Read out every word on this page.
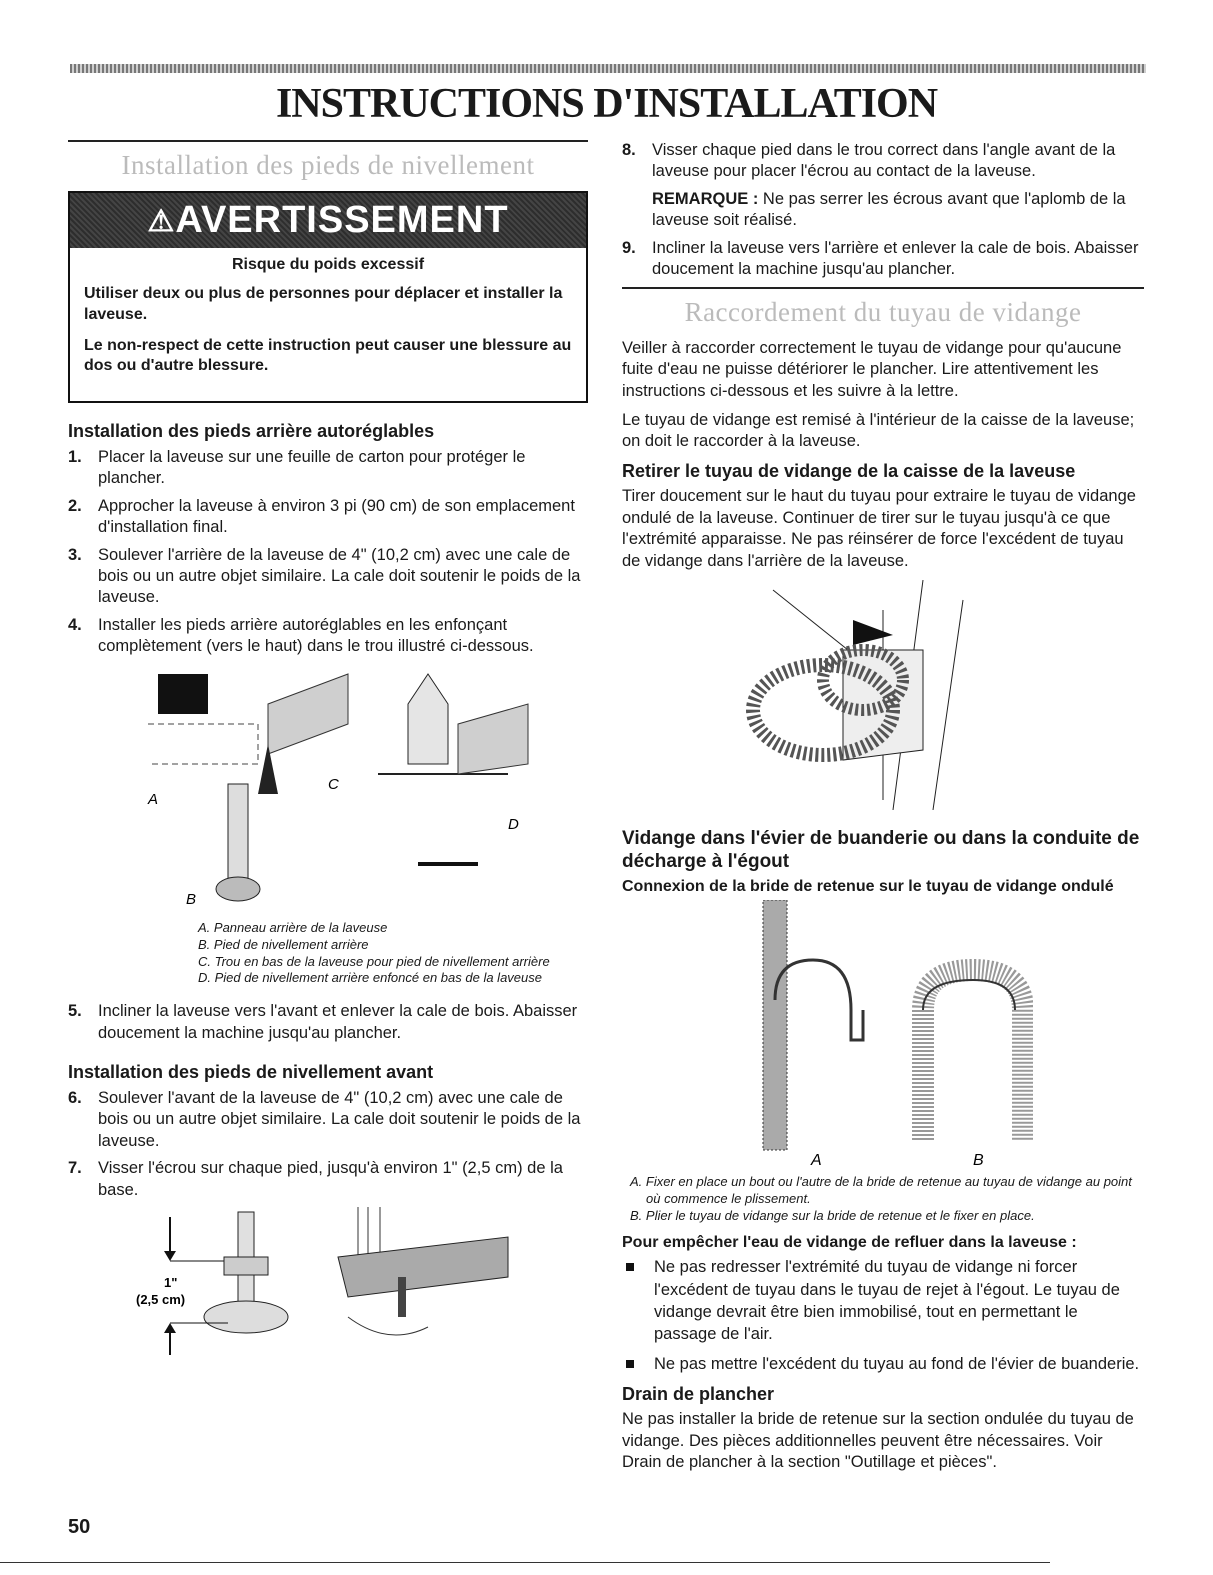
INSTRUCTIONS D'INSTALLATION
Installation des pieds de nivellement
⚠AVERTISSEMENT
Risque du poids excessif

Utiliser deux ou plus de personnes pour déplacer et installer la laveuse.

Le non-respect de cette instruction peut causer une blessure au dos ou d'autre blessure.

Installation des pieds arrière autoréglables
1. Placer la laveuse sur une feuille de carton pour protéger le plancher.
2. Approcher la laveuse à environ 3 pi (90 cm) de son emplacement d'installation final.
3. Soulever l'arrière de la laveuse de 4" (10,2 cm) avec une cale de bois ou un autre objet similaire. La cale doit soutenir le poids de la laveuse.
4. Installer les pieds arrière autoréglables en les enfonçant complètement (vers le haut) dans le trou illustré ci-dessous.
A
B
C
D
A. Panneau arrière de la laveuse
B. Pied de nivellement arrière
C. Trou en bas de la laveuse pour pied de nivellement arrière
D. Pied de nivellement arrière enfoncé en bas de la laveuse
5. Incliner la laveuse vers l'avant et enlever la cale de bois. Abaisser doucement la machine jusqu'au plancher.
Installation des pieds de nivellement avant
6. Soulever l'avant de la laveuse de 4" (10,2 cm) avec une cale de bois ou un autre objet similaire. La cale doit soutenir le poids de la laveuse.
7. Visser l'écrou sur chaque pied, jusqu'à environ 1" (2,5 cm) de la base.
1"
(2,5 cm)
8. Visser chaque pied dans le trou correct dans l'angle avant de la laveuse pour placer l'écrou au contact de la laveuse.
REMARQUE : Ne pas serrer les écrous avant que l'aplomb de la laveuse soit réalisé.
9. Incliner la laveuse vers l'arrière et enlever la cale de bois. Abaisser doucement la machine jusqu'au plancher.
Raccordement du tuyau de vidange

Veiller à raccorder correctement le tuyau de vidange pour qu'aucune fuite d'eau ne puisse détériorer le plancher. Lire attentivement les instructions ci-dessous et les suivre à la lettre.

Le tuyau de vidange est remisé à l'intérieur de la caisse de la laveuse; on doit le raccorder à la laveuse.

Retirer le tuyau de vidange de la caisse de la laveuse

Tirer doucement sur le haut du tuyau pour extraire le tuyau de vidange ondulé de la laveuse. Continuer de tirer sur le tuyau jusqu'à ce que l'extrémité apparaisse. Ne pas réinsérer de force l'excédent de tuyau de vidange dans l'arrière de la laveuse.

Vidange dans l'évier de buanderie ou dans la conduite de décharge à l'égout
Connexion de la bride de retenue sur le tuyau de vidange ondulé
A	B
A. Fixer en place un bout ou l'autre de la bride de retenue au tuyau de vidange au point où commence le plissement.
B. Plier le tuyau de vidange sur la bride de retenue et le fixer en place.
Pour empêcher l'eau de vidange de refluer dans la laveuse :
Ne pas redresser l'extrémité du tuyau de vidange ni forcer l'excédent de tuyau dans le tuyau de rejet à l'égout. Le tuyau de vidange devrait être bien immobilisé, tout en permettant le passage de l'air.
Ne pas mettre l'excédent du tuyau au fond de l'évier de buanderie.
Drain de plancher

Ne pas installer la bride de retenue sur la section ondulée du tuyau de vidange. Des pièces additionnelles peuvent être nécessaires. Voir Drain de plancher à la section "Outillage et pièces".

50
